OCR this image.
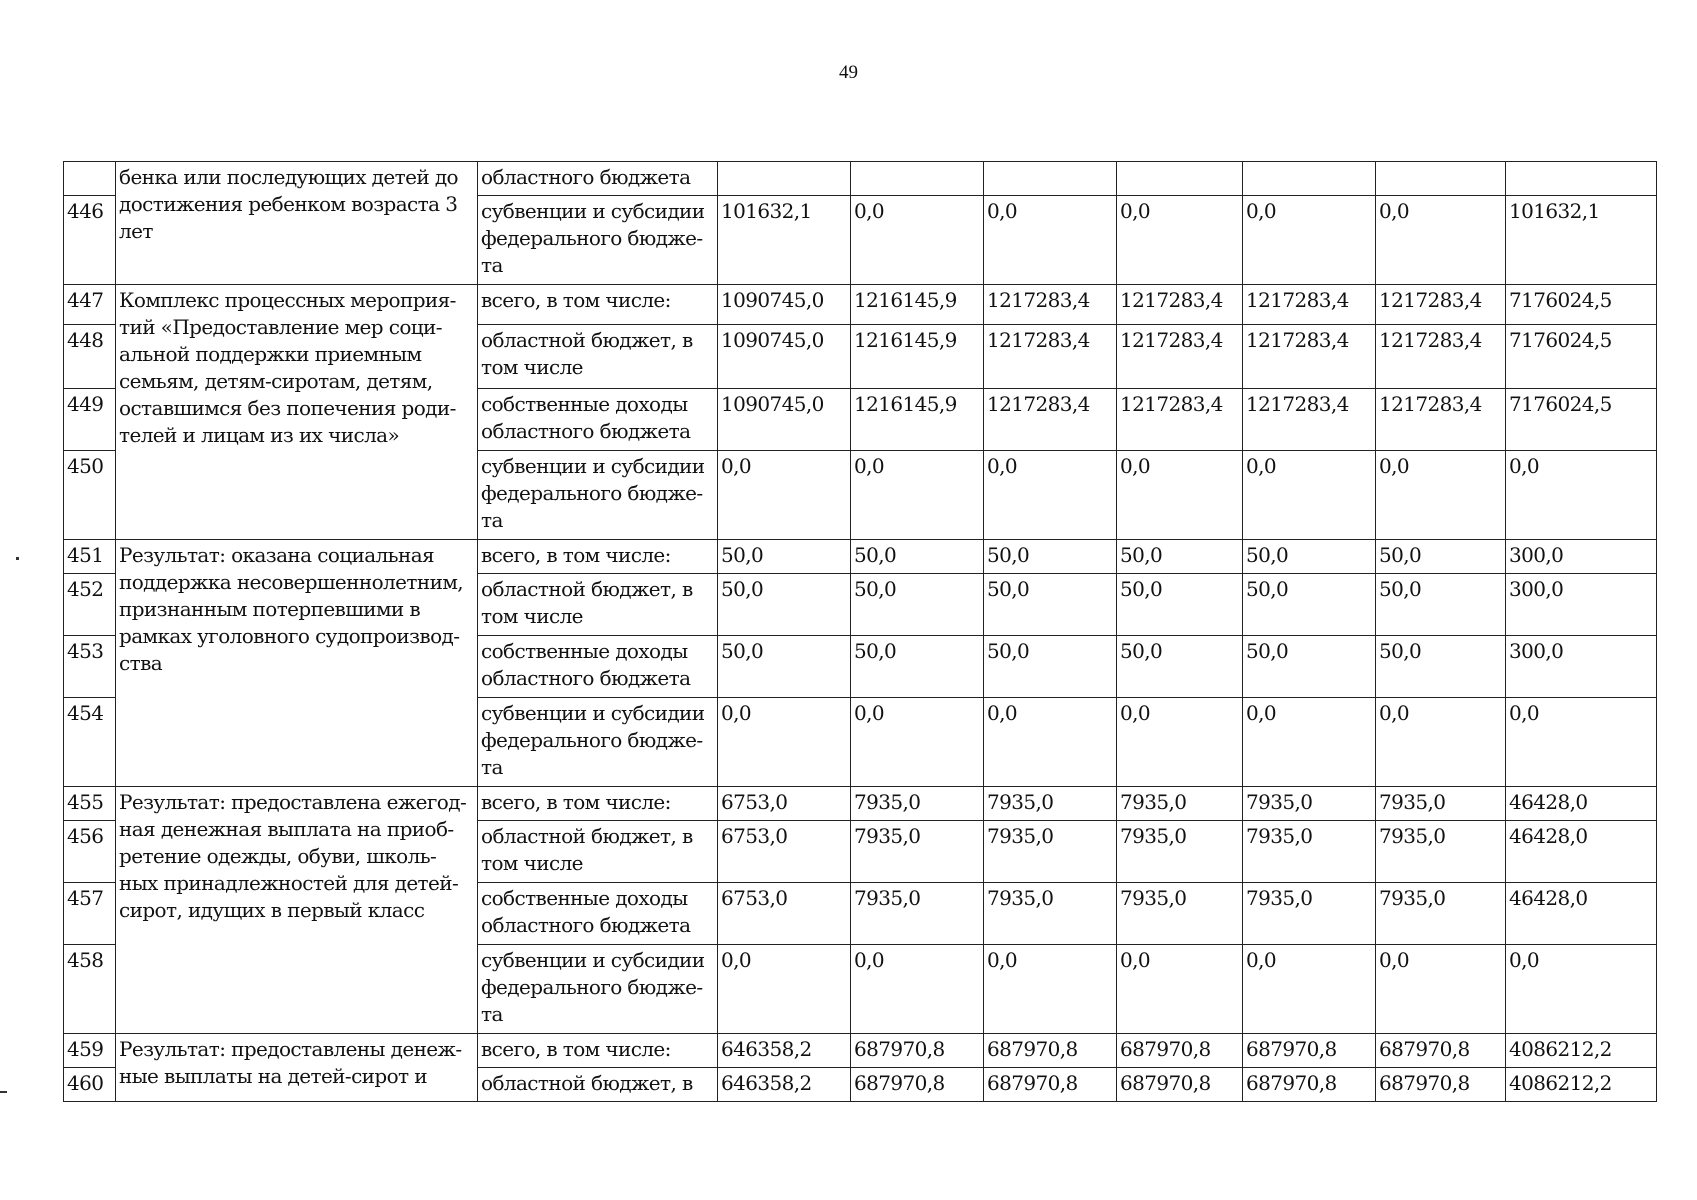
49
	бенка или последующих детей до достижения ребенком возраста 3 лет	областного бюджета							
446		субвенции и субсидии федерального бюдже-та	101632,1	0,0	0,0	0,0	0,0	0,0	101632,1
447	Комплекс процессных мероприя-тий «Предоставление мер соци-альной поддержки приемным семьям, детям-сиротам, детям, оставшимся без попечения роди-телей и лицам из их числа»	всего, в том числе:	1090745,0	1216145,9	1217283,4	1217283,4	1217283,4	1217283,4	7176024,5
448		областной бюджет, в том числе	1090745,0	1216145,9	1217283,4	1217283,4	1217283,4	1217283,4	7176024,5
449		собственные доходы областного бюджета	1090745,0	1216145,9	1217283,4	1217283,4	1217283,4	1217283,4	7176024,5
450		субвенции и субсидии федерального бюдже-та	0,0	0,0	0,0	0,0	0,0	0,0	0,0
451	Результат: оказана социальная поддержка несовершеннолетним, признанным потерпевшими в рамках уголовного судопроизвод-ства	всего, в том числе:	50,0	50,0	50,0	50,0	50,0	50,0	300,0
452		областной бюджет, в том числе	50,0	50,0	50,0	50,0	50,0	50,0	300,0
453		собственные доходы областного бюджета	50,0	50,0	50,0	50,0	50,0	50,0	300,0
454		субвенции и субсидии федерального бюдже-та	0,0	0,0	0,0	0,0	0,0	0,0	0,0
455	Результат: предоставлена ежегод-ная денежная выплата на приоб-ретение одежды, обуви, школь-ных принадлежностей для детей-сирот, идущих в первый класс	всего, в том числе:	6753,0	7935,0	7935,0	7935,0	7935,0	7935,0	46428,0
456		областной бюджет, в том числе	6753,0	7935,0	7935,0	7935,0	7935,0	7935,0	46428,0
457		собственные доходы областного бюджета	6753,0	7935,0	7935,0	7935,0	7935,0	7935,0	46428,0
458		субвенции и субсидии федерального бюдже-та	0,0	0,0	0,0	0,0	0,0	0,0	0,0
459	Результат: предоставлены денеж-ные выплаты на детей-сирот и	всего, в том числе:	646358,2	687970,8	687970,8	687970,8	687970,8	687970,8	4086212,2
460		областной бюджет, в	646358,2	687970,8	687970,8	687970,8	687970,8	687970,8	4086212,2
